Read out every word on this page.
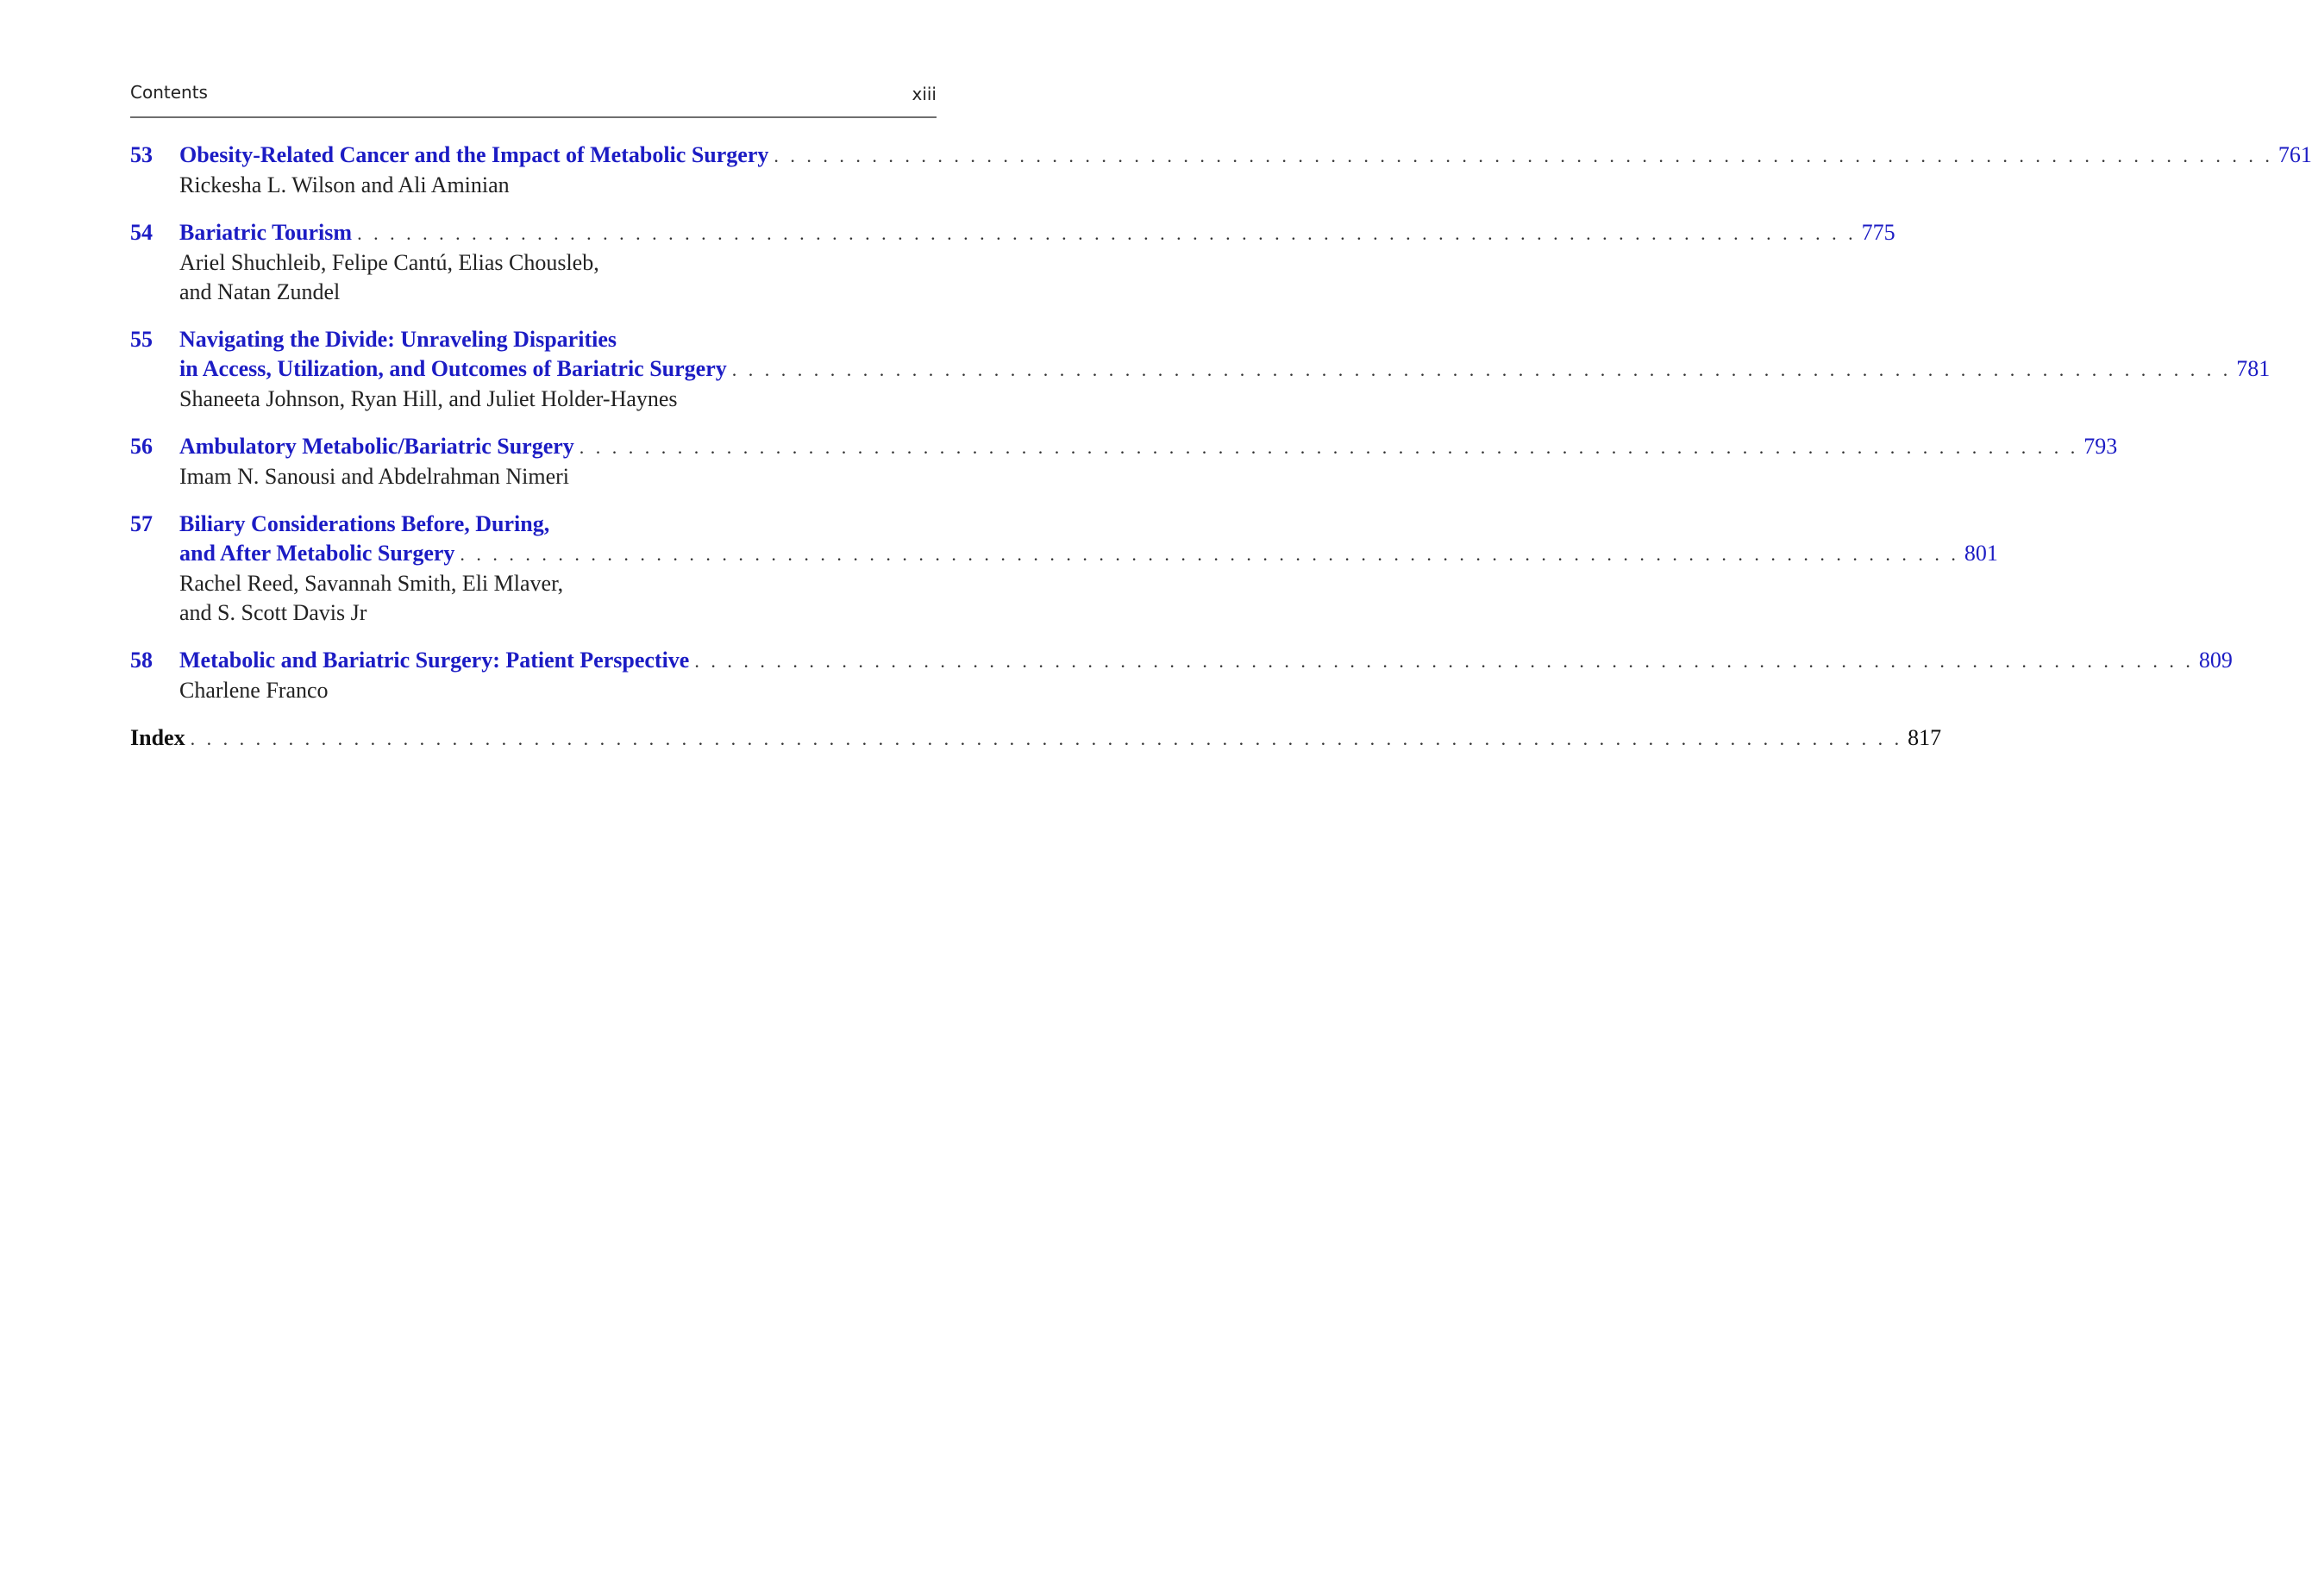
Contents	xiii
53	Obesity-Related Cancer and the Impact of Metabolic Surgery . . . . . . . . . . . . . . . . . . . . . . . . . . . . . . . . . . . . . . . . . . . . . . . . . . . . . . . . . . . . . . . . . . . . . . . . . . . . . . . . . . . . . . . . . . . . 761
Rickesha L. Wilson and Ali Aminian
54	Bariatric Tourism . . . . . . . . . . . . . . . . . . . . . . . . . . . . . . . . . . . . . . . . . . . . . . . . . . . . . . . . . . . . . . . . . . . . . . . . . . . . . . . . . . . . . . . . . . . . 775
Ariel Shuchleib, Felipe Cantú, Elias Chousleb,
and Natan Zundel
55	Navigating the Divide: Unraveling Disparities
in Access, Utilization, and Outcomes of Bariatric Surgery . . . . . . . . . . . . . . . . . . . . . . . . . . . . . . . . . . . . . . . . . . . . . . . . . . . . . . . . . . . . . . . . . . . . . . . . . . . . . . . . . . . . . . . . . . . . 781
Shaneeta Johnson, Ryan Hill, and Juliet Holder-Haynes
56	Ambulatory Metabolic/Bariatric Surgery . . . . . . . . . . . . . . . . . . . . . . . . . . . . . . . . . . . . . . . . . . . . . . . . . . . . . . . . . . . . . . . . . . . . . . . . . . . . . . . . . . . . . . . . . . . . 793
Imam N. Sanousi and Abdelrahman Nimeri
57	Biliary Considerations Before, During,
and After Metabolic Surgery . . . . . . . . . . . . . . . . . . . . . . . . . . . . . . . . . . . . . . . . . . . . . . . . . . . . . . . . . . . . . . . . . . . . . . . . . . . . . . . . . . . . . . . . . . . . 801
Rachel Reed, Savannah Smith, Eli Mlaver,
and S. Scott Davis Jr
58	Metabolic and Bariatric Surgery: Patient Perspective . . . . . . . . . . . . . . . . . . . . . . . . . . . . . . . . . . . . . . . . . . . . . . . . . . . . . . . . . . . . . . . . . . . . . . . . . . . . . . . . . . . . . . . . . . . . 809
Charlene Franco
Index . . . . . . . . . . . . . . . . . . . . . . . . . . . . . . . . . . . . . . . . . . . . . . . . . . . . . . . . . . . . . . . . . . . . . . . . . . . . . . . . . . . . . . . . . . . . . . . . . . . . . . . . . 817
